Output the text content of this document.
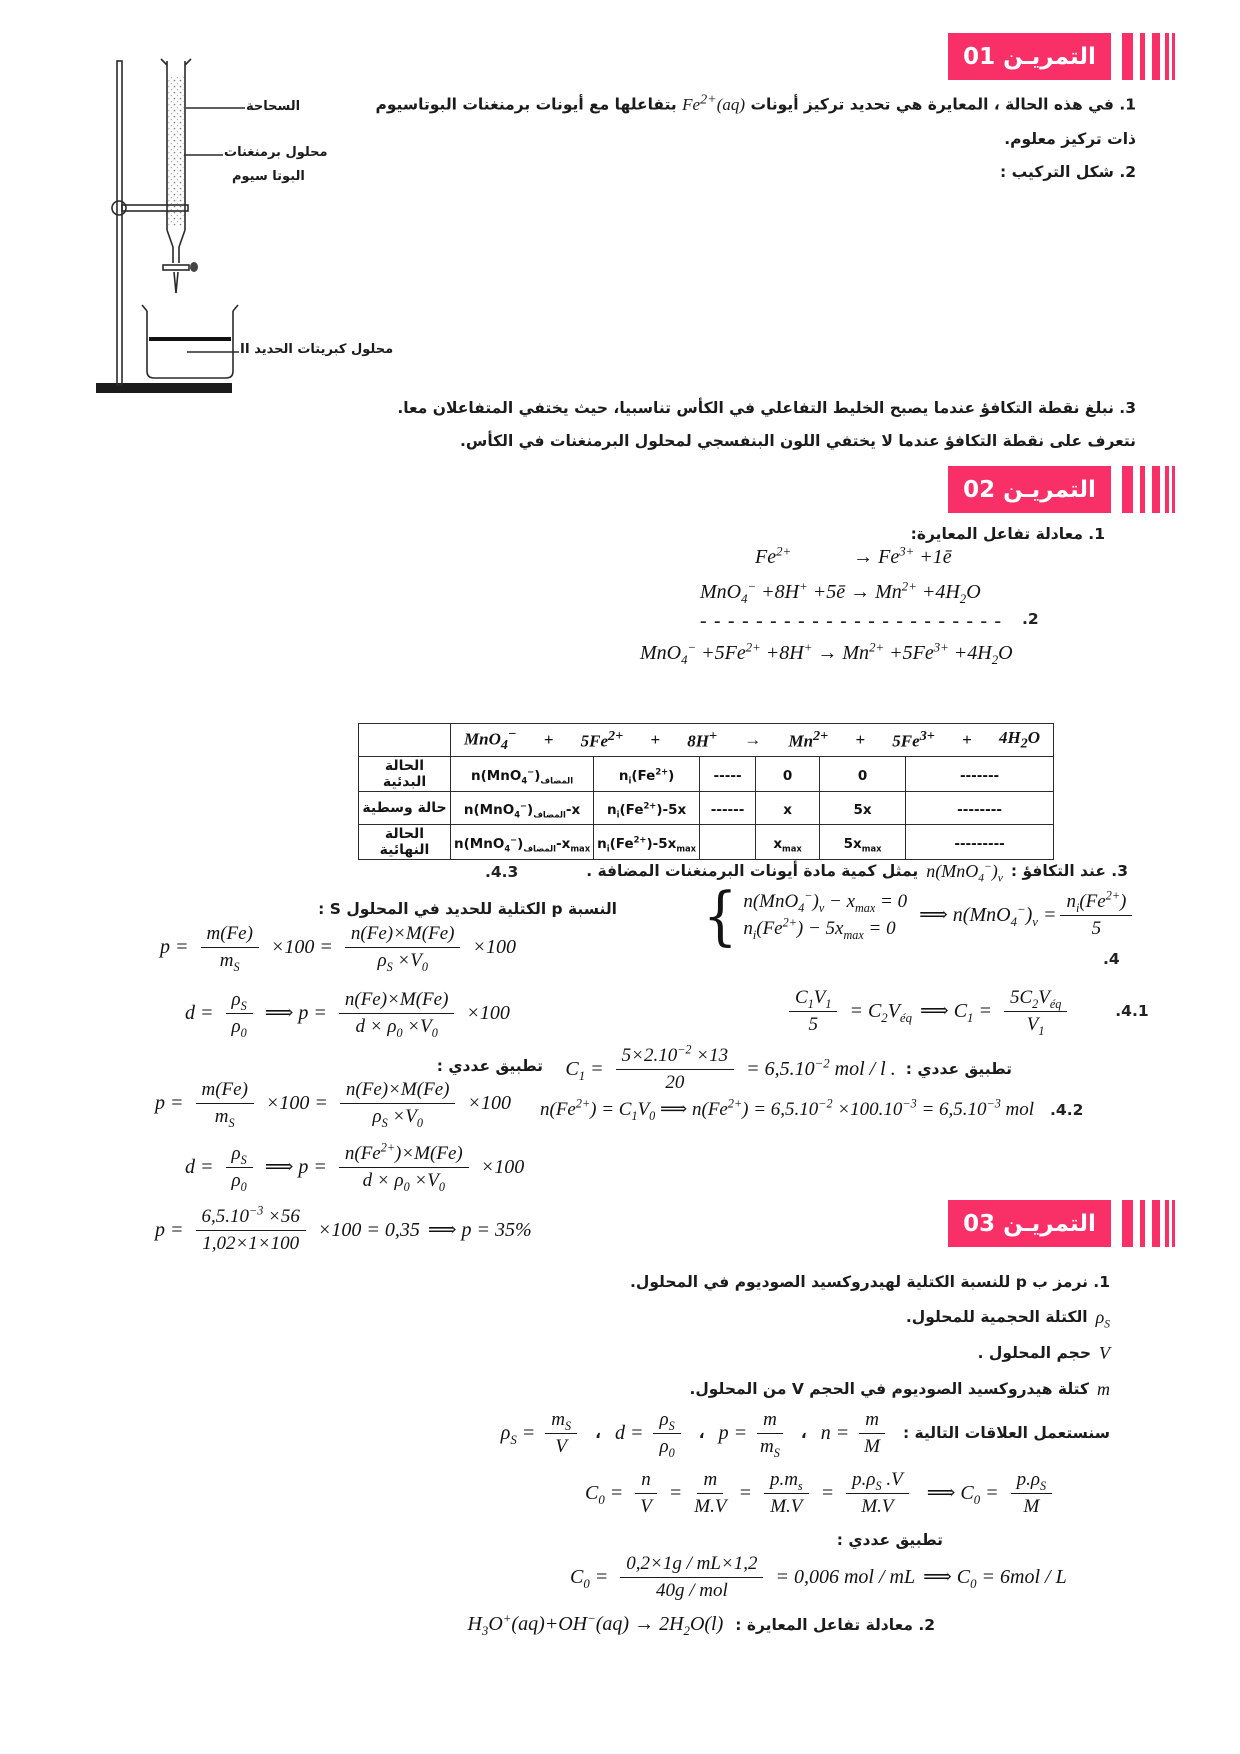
التمريـن 01
التمريـن 02
التمريـن 03
السحاحة
محلول برمنغنات
البوتا سيوم
محلول كبريتات الحديد II
1. في هذه الحالة ، المعايرة هي تحديد تركيز أيونات $Fe^{2+}(aq)$ بتفاعلها مع أيونات برمنغنات البوتاسيوم ذات تركيز معلوم.
2. شكل التركيب :
3. نبلغ نقطة التكافؤ عندما يصبح الخليط التفاعلي في الكأس تناسبيا، حيث يختفي المتفاعلان معا.
نتعرف على نقطة التكافؤ عندما لا يختفي اللون البنفسجي لمحلول البرمنغنات في الكأس.
1. معادلة تفاعل المعايرة:
$Fe^{2+}$	→ $Fe^{3+}$ +1ē
MnO$_4$− +8H+ +5ē → $Mn^{2+} +4H_2O$
– – – – – – – – – – – – – – – – – – – – – –
$MnO_4^- +5Fe^{2+} +8H^+ \to Mn^{2+} +5Fe^{3+} +4H_2O$
.2

$MnO_4^- + 5Fe^{2+} + 8H^+ \to Mn^{2+} + 5Fe^{3+} + 4H_2O$

الحالة البدئية	$n(MnO_4^-)_{المضاف}$	$n_i(Fe^{2+})$	-----	0	0	-------
حالة وسطية	$n(MnO_4^-)_{المضاف}-x$	$n_i(Fe^{2+})-5x$	------	x	5x	--------
الحالة النهائية	$n(MnO_4^-)_{المضاف}-x_{max}$	$n_i(Fe^{2+})-5x_{max}$		$x_{max}$	$5x_{max}$	---------
3. عند التكافؤ :
$n(MnO_4^-)_v$
يمثل كمية مادة أيونات البرمنغنات المضافة .
.4.3
{ $n(MnO_4^-)_v - x_{max} = 0$
$n_i(Fe^{2+}) - 5x_{max} = 0$
⟹ $n(MnO_4^-)_v = \frac{n_i(Fe^{2+})}{5}$
.4
$\frac{C_1V_1}{5} = C_2V_{éq}$ ⟹ $C_1 = \frac{5C_2V_{éq}}{V_1}$	.4.1
تطبيق عددي :
$C_1 = \frac{5\times 2.10^{-2} \times 13}{20} = 6,5.10^{-2}$ mol / l .
$n(Fe^{2+}) = C_1V_0$ ⟹ $n(Fe^{2+}) = 6,5.10^{-2} \times 100.10^{-3} = 6,5.10^{-3}$ mol .4.2
النسبة p الكتلية للحديد في المحلول S :
$p = \frac{m(Fe)}{m_S} \times 100 = \frac{n(Fe)\times M(Fe)}{\rho_S \times V_0} \times 100$
$d = \frac{\rho_S}{\rho_0}$ ⟹ $p = \frac{n(Fe)\times M(Fe)}{d \times \rho_0 \times V_0} \times 100$
تطبيق عددي :
$p = \frac{m(Fe)}{m_S} \times 100 = \frac{n(Fe)\times M(Fe)}{\rho_S \times V_0} \times 100$
$d = \frac{\rho_S}{\rho_0}$ ⟹ $p = \frac{n(Fe^{2+})\times M(Fe)}{d \times \rho_0 \times V_0} \times 100$
$p = \frac{6,5.10^{-3} \times 56}{1,02\times 1\times 100} \times 100 = 0,35$ ⟹ p = 35%
1. نرمز ب p للنسبة الكتلية لهيدروكسيد الصوديوم في المحلول.
$\rho_S$
الكتلة الحجمية للمحلول.
V
حجم المحلول .
m
كتلة هيدروكسيد الصوديوم في الحجم V من المحلول.
سنستعمل العلاقات التالية :
$n = \frac{m}{M}$
،
$p = \frac{m}{m_S}$
،
$d = \frac{\rho_S}{\rho_0}$
،
$\rho_S = \frac{m_S}{V}$
$C_0 = \frac{n}{V} = \frac{m}{M.V} = \frac{p.m_s}{M.V} = \frac{p.\rho_S .V}{M.V}$ ⟹ $C_0 = \frac{p.\rho_S}{M}$
تطبيق عددي :
$C_0 = \frac{0,2\times 1g / mL\times 1,2}{\text{40g / mol}} = 0,006$ mol / mL ⟹ $C_0 = 6mol / L$
2. معادلة تفاعل المعايرة :
$H_3O^+(aq)+OH^-(aq) \to 2H_2O(l)$
